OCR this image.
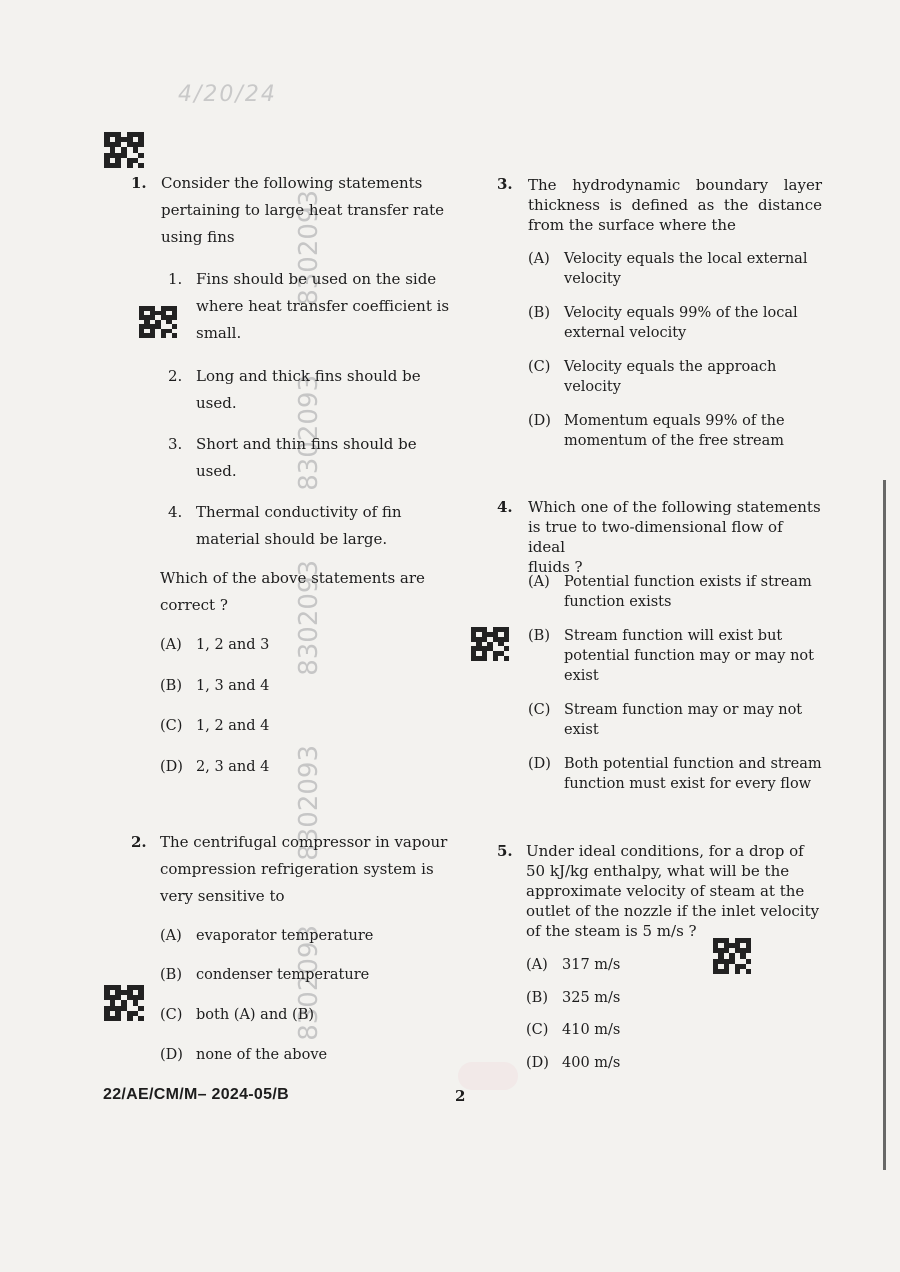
4/20/24
8302093
8302093
8302093
8302093
8302093
1. Consider the following statements
pertaining to large heat transfer rate
using fins
1. Fins should be used on the side
where heat transfer coefficient is
small.
2. Long and thick fins should be
used.
3. Short and thin fins should be
used.
4. Thermal conductivity of fin
material should be large.
Which of the above statements are
correct ?
(A) 1, 2 and 3
(B) 1, 3 and 4
(C) 1, 2 and 4
(D) 2, 3 and 4
2. The centrifugal compressor in vapour
compression refrigeration system is
very sensitive to
(A) evaporator temperature
(B) condenser temperature
(C) both (A) and (B)
(D) none of the above
3. The hydrodynamic boundary layer
thickness is defined as the distance
from the surface where the
(A) Velocity equals the local external
velocity
(B) Velocity equals 99% of the local
external velocity
(C) Velocity equals the approach
velocity
(D) Momentum equals 99% of the
momentum of the free stream
4. Which one of the following statements
is true to two-dimensional flow of ideal
fluids ?
(A) Potential function exists if stream
function exists
(B) Stream function will exist but
potential function may or may not
exist
(C) Stream function may or may not
exist
(D) Both potential function and stream
function must exist for every flow
5. Under ideal conditions, for a drop of
50 kJ/kg enthalpy, what will be the
approximate velocity of steam at the
outlet of the nozzle if the inlet velocity
of the steam is 5 m/s ?
(A) 317 m/s
(B) 325 m/s
(C) 410 m/s
(D) 400 m/s
22/AE/CM/M– 2024-05/B	2
